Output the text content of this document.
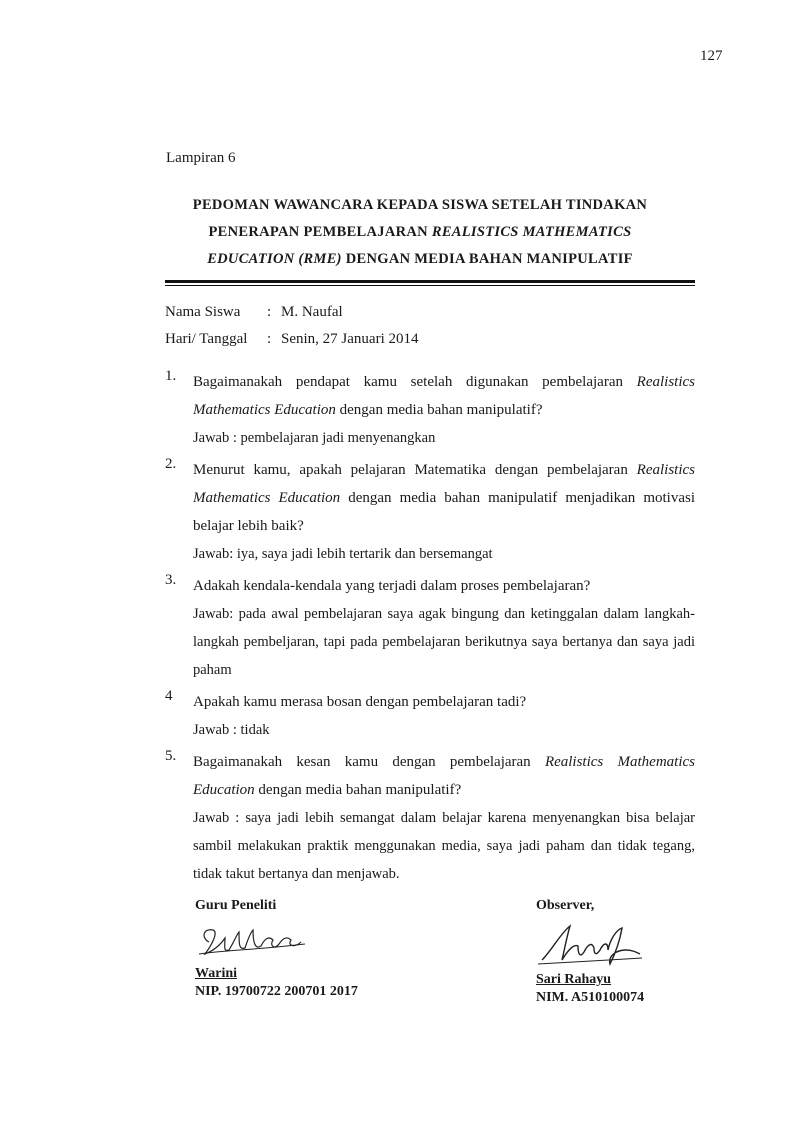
127
Lampiran 6
PEDOMAN WAWANCARA KEPADA SISWA SETELAH TINDAKAN
PENERAPAN PEMBELAJARAN REALISTICS MATHEMATICS
EDUCATION (RME) DENGAN MEDIA BAHAN MANIPULATIF
Nama Siswa	: M. Naufal
Hari/ Tanggal	: Senin, 27 Januari 2014
1. Bagaimanakah pendapat kamu setelah digunakan pembelajaran Realistics Mathematics Education dengan media bahan manipulatif?
Jawab : pembelajaran jadi menyenangkan
2. Menurut kamu, apakah pelajaran Matematika dengan pembelajaran Realistics Mathematics Education dengan media bahan manipulatif menjadikan motivasi belajar lebih baik?
Jawab: iya, saya jadi lebih tertarik dan bersemangat
3. Adakah kendala-kendala yang terjadi dalam proses pembelajaran?
Jawab: pada awal pembelajaran saya agak bingung dan ketinggalan dalam langkah-langkah pembeljaran, tapi pada pembelajaran berikutnya saya bertanya dan saya jadi paham
4 Apakah kamu merasa bosan dengan pembelajaran tadi?
Jawab : tidak
5. Bagaimanakah kesan kamu dengan pembelajaran Realistics Mathematics Education dengan media bahan manipulatif?
Jawab : saya jadi lebih semangat dalam belajar karena menyenangkan bisa belajar sambil melakukan praktik menggunakan media, saya jadi paham dan tidak tegang, tidak takut bertanya dan menjawab.
Guru Peneliti
Warini
NIP. 19700722 200701 2017
Observer,
Sari Rahayu
NIM. A510100074
